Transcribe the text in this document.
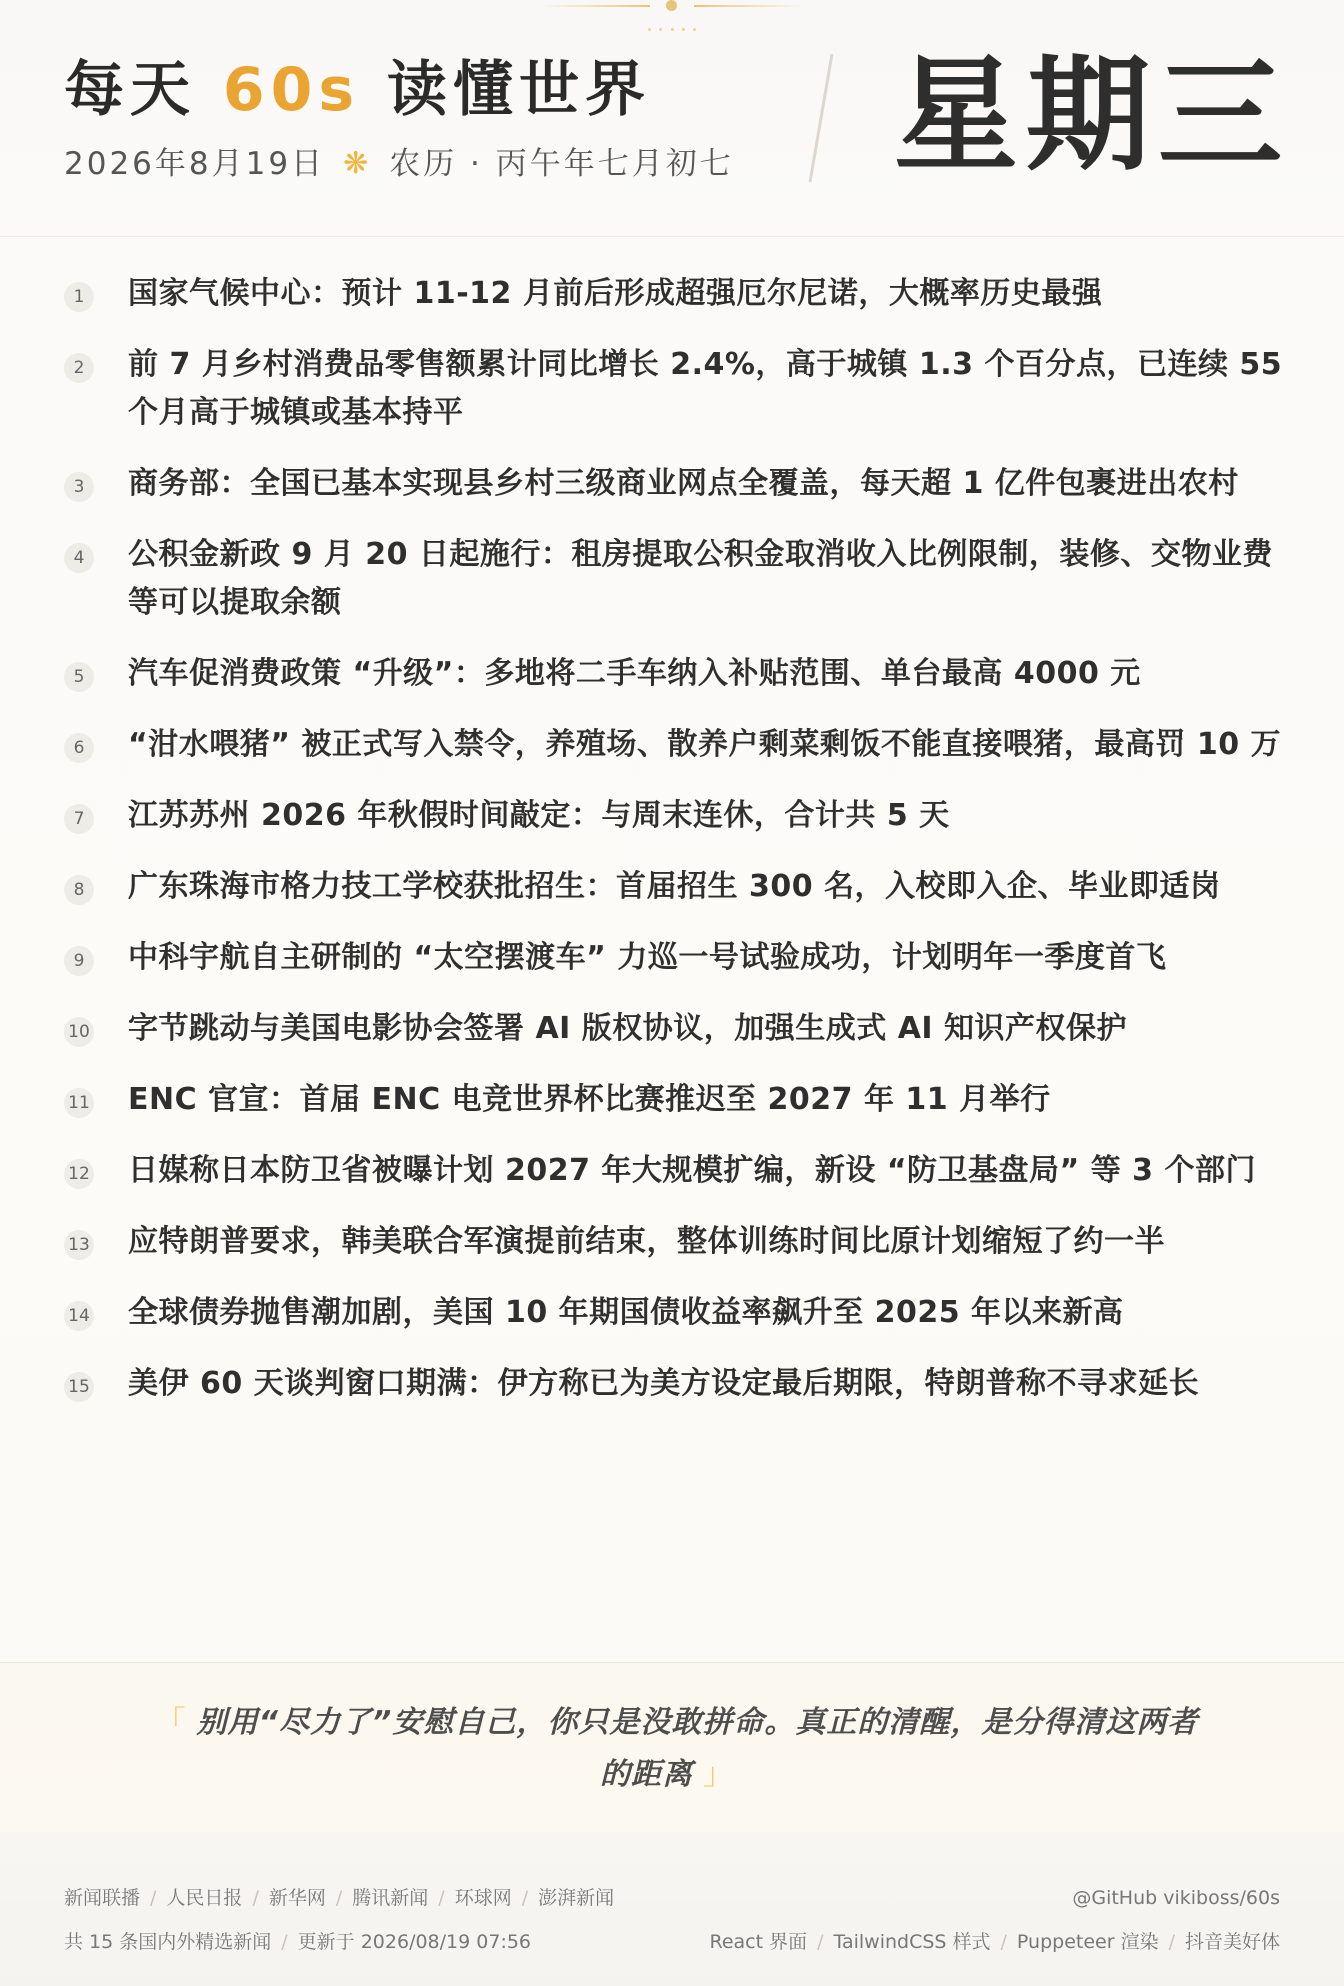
每天 60s 读懂世界
2026年8月19日 ❋ 农历 · 丙午年七月初七 星期三
1	国家气候中心：预计 11-12 月前后形成超强厄尔尼诺，大概率历史最强
2	前 7 月乡村消费品零售额累计同比增长 2.4%，高于城镇 1.3 个百分点，已连续 55 个月高于城镇或基本持平
3	商务部：全国已基本实现县乡村三级商业网点全覆盖，每天超 1 亿件包裹进出农村
4	公积金新政 9 月 20 日起施行：租房提取公积金取消收入比例限制，装修、交物业费等可以提取余额
5	汽车促消费政策 “升级”：多地将二手车纳入补贴范围、单台最高 4000 元
6	“泔水喂猪” 被正式写入禁令，养殖场、散养户剩菜剩饭不能直接喂猪，最高罚 10 万
7	江苏苏州 2026 年秋假时间敲定：与周末连休，合计共 5 天
8	广东珠海市格力技工学校获批招生：首届招生 300 名，入校即入企、毕业即适岗
9	中科宇航自主研制的 “太空摆渡车” 力巡一号试验成功，计划明年一季度首飞
10 字节跳动与美国电影协会签署 AI 版权协议，加强生成式 AI 知识产权保护
11 ENC 官宣：首届 ENC 电竞世界杯比赛推迟至 2027 年 11 月举行
12 日媒称日本防卫省被曝计划 2027 年大规模扩编，新设 “防卫基盘局” 等 3 个部门
13 应特朗普要求，韩美联合军演提前结束，整体训练时间比原计划缩短了约一半
14 全球债券抛售潮加剧，美国 10 年期国债收益率飙升至 2025 年以来新高
15 美伊 60 天谈判窗口期满：伊方称已为美方设定最后期限，特朗普称不寻求延长
「 别用“尽力了”安慰自己，你只是没敢拼命。真正的清醒，是分得清这两者的距离 」
新闻联播 / 人民日报 / 新华网 / 腾讯新闻 / 环球网 / 澎湃新闻
共 15 条国内外精选新闻 / 更新于 2026/08/19 07:56
@GitHub vikiboss/60s
React 界面 / TailwindCSS 样式 / Puppeteer 渲染 / 抖音美好体
